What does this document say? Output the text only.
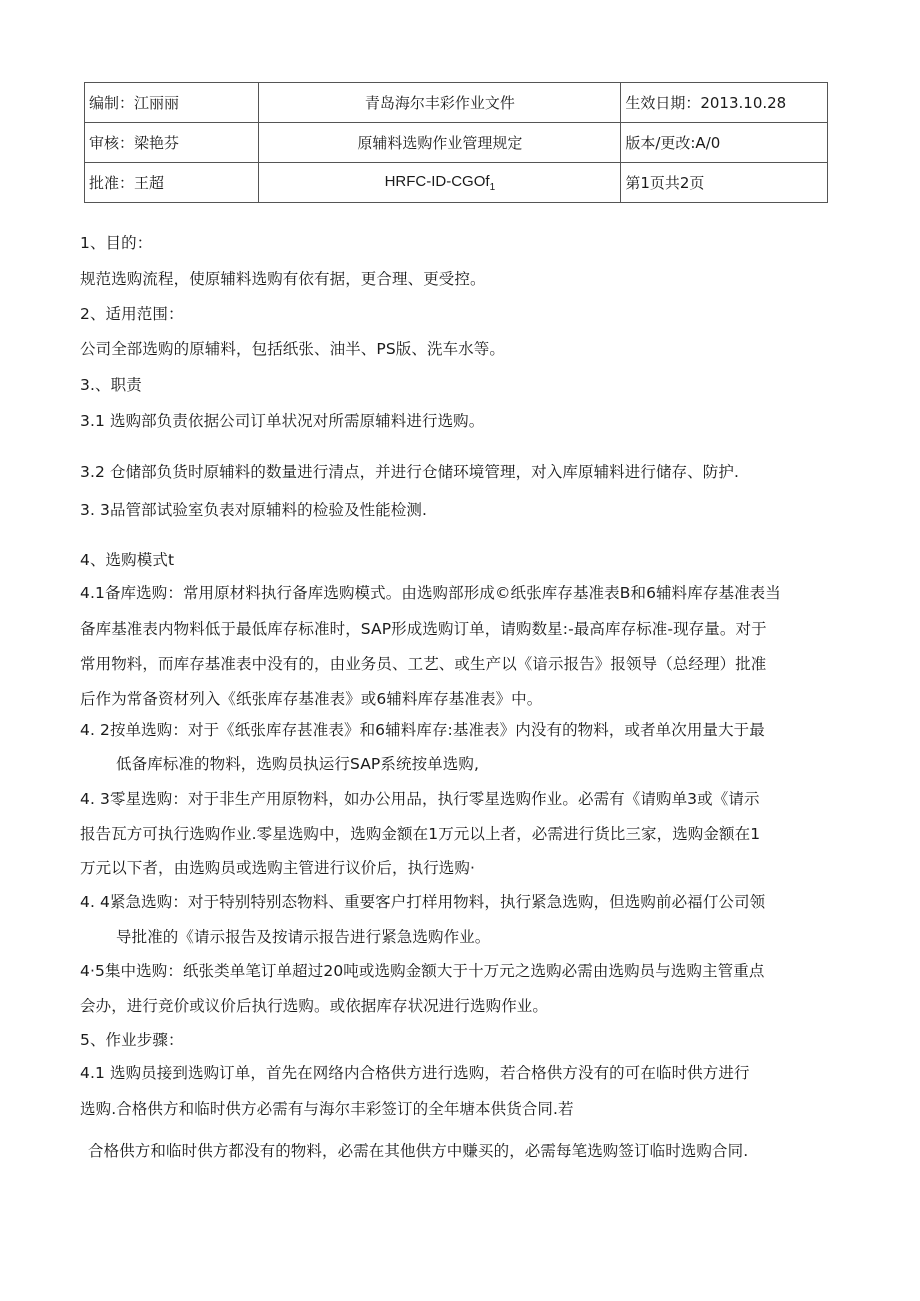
编制：江丽丽	青岛海尔丰彩作业文件	生效日期：2013.10.28
审核：梁艳芬	原辅料选购作业管理规定	版本/更改:A/0
批准：王超	HRFC-ID-CGOf$_1$	第1页共2页
1、目的：
规范选购流程，使原辅料选购有依有据，更合理、更受控。
2、适用范围：
公司全部选购的原辅料，包括纸张、油半、PS版、洗车水等。
3.、职责
3.1 选购部负责依据公司订单状况对所需原辅料进行选购。
3.2 仓储部负货时原辅料的数量进行清点，并进行仓储环境管理，对入库原辅料进行储存、防护.
3. 3品管部试验室负表对原辅料的检验及性能检测.
4、选购模式t
4.1备库选购：常用原材料执行备库选购模式。由选购部形成©纸张库存基准表B和6辅料库存基准表当
备库基准表内物料低于最低库存标准时，SAP形成选购订单，请购数星:-最高库存标准-现存量。对于
常用物料，而库存基准表中没有的，由业务员、工艺、或生产以《谙示报告》报领导（总经理）批准
后作为常备资材列入《纸张库存基准表》或6辅料库存基准表》中。
4. 2按单选购：对于《纸张库存甚准表》和6辅料库存:基准表》内没有的物料，或者单次用量大于最
低备库标准的物料，选购员执运行SAP系统按单选购,
4. 3零星选购：对于非生产用原物料，如办公用品，执行零星选购作业。必需有《请购单3或《请示
报告瓦方可执行选购作业.零星选购中，选购金额在1万元以上者，必需进行货比三家，选购金额在1
万元以下者，由选购员或选购主管进行议价后，执行选购·
4. 4紧急选购：对于特别特别态物料、重要客户打样用物料，执行紧急选购，但选购前必福仃公司领
导批准的《请示报告及按请示报告进行紧急选购作业。
4·5集中选购：纸张类单笔订单超过20吨或选购金额大于十万元之选购必需由选购员与选购主管重点
会办，进行竞价或议价后执行选购。或依据库存状况进行选购作业。
5、作业步骤：
4.1 选购员接到选购订单，首先在网络内合格供方进行选购，若合格供方没有的可在临时供方进行
选购.合格供方和临时供方必需有与海尔丰彩签订的全年塘本供货合同.若
合格供方和临时供方都没有的物料，必需在其他供方中赚买的，必需每笔选购签订临时选购合同.
